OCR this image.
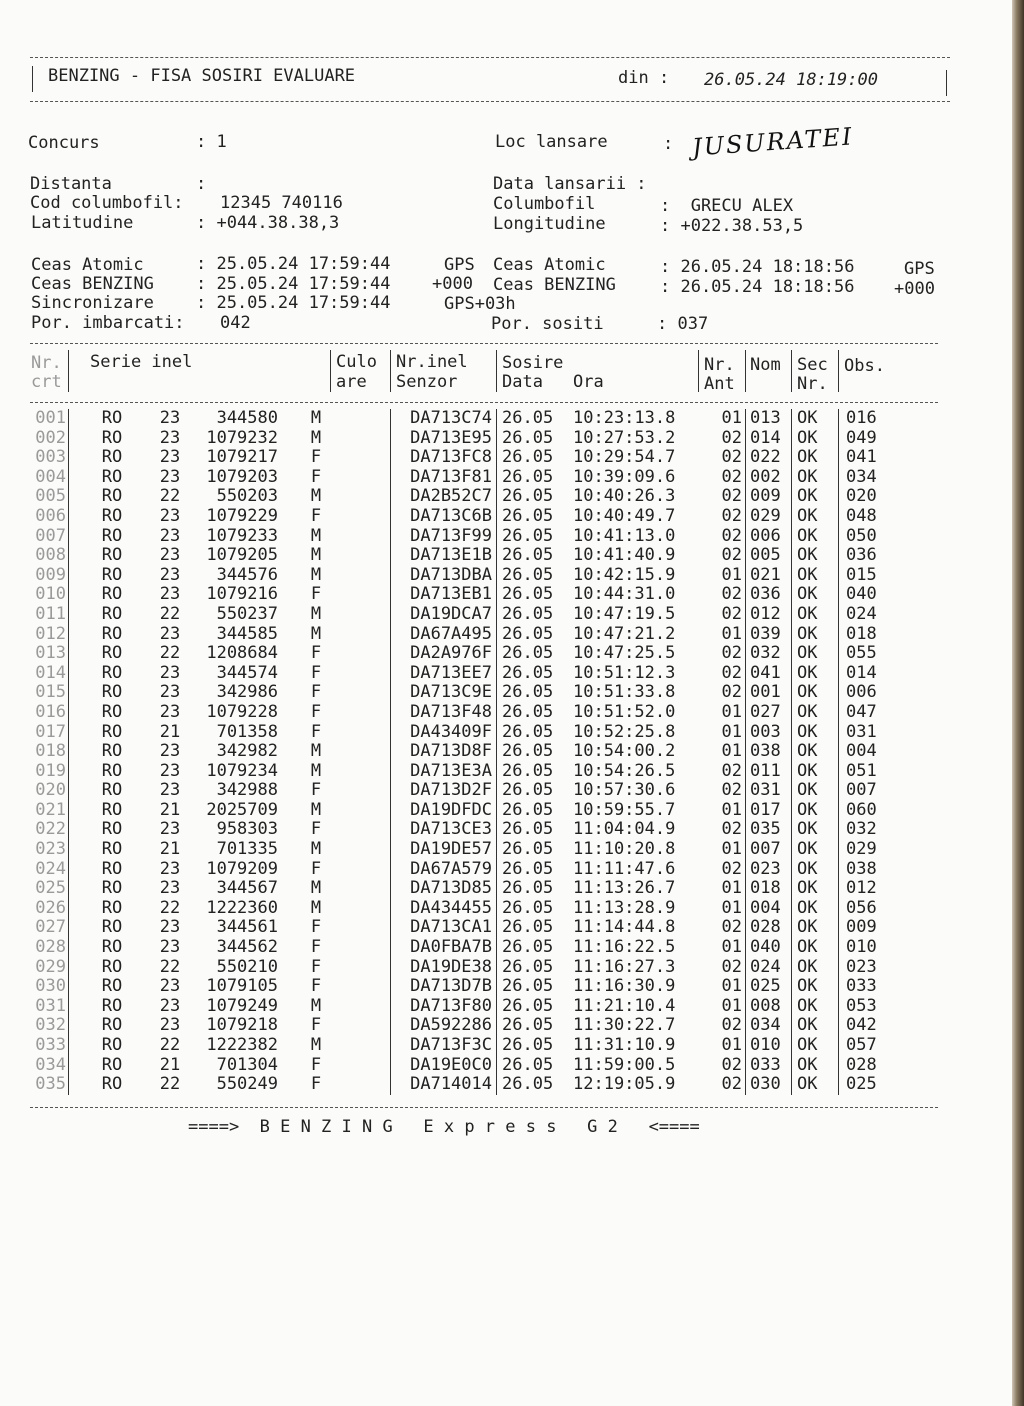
BENZING - FISA SOSIRI EVALUARE	din : 26.05.24 18:19:00
Concurs	: 1	Loc lansare	: JUSURATEI
Distanta	:	Data lansarii :
Cod columbofil: 12345 740116	Columbofil	:  GRECU ALEX
Latitudine	: +044.38.38,3	Longitudine	: +022.38.53,5
Ceas Atomic	: 25.05.24 17:59:44	GPS
Ceas BENZING : 25.05.24 17:59:44 +000
Sincronizare : 25.05.24 17:59:44	GPS+03h
Por. imbarcati: 042
Ceas Atomic	: 26.05.24 18:18:56	GPS
Ceas BENZING	: 26.05.24 18:18:56 +000
Por. sositi	: 037
Nr.
crt
Serie inel	Culo
are
Nr.inel
Senzor
Sosire
Data Ora
Nr.
Ant
Nom Sec
Nr.
Obs.
001	RO	23	344580 M	DA713C74 26.05	10:23:13.8	01 013 OK	016
002	RO	23	1079232 M	DA713E95 26.05	10:27:53.2	02 014 OK	049
003	RO	23	1079217 F	DA713FC8 26.05	10:29:54.7	02 022 OK	041
004	RO	23	1079203 F	DA713F81 26.05	10:39:09.6	02 002 OK	034
005	RO	22	550203 M	DA2B52C7 26.05	10:40:26.3	02 009 OK	020
006	RO	23	1079229 F	DA713C6B 26.05	10:40:49.7	02 029 OK	048
007	RO	23	1079233 M	DA713F99 26.05	10:41:13.0	02 006 OK	050
008	RO	23	1079205 M	DA713E1B 26.05	10:41:40.9	02 005 OK	036
009	RO	23	344576 M	DA713DBA 26.05	10:42:15.9	01 021 OK	015
010	RO	23	1079216 F	DA713EB1 26.05	10:44:31.0	02 036 OK	040
011	RO	22	550237 M	DA19DCA7 26.05	10:47:19.5	02 012 OK	024
012	RO	23	344585 M	DA67A495 26.05	10:47:21.2	01 039 OK	018
013	RO	22	1208684 F	DA2A976F 26.05	10:47:25.5	02 032 OK	055
014	RO	23	344574 F	DA713EE7 26.05	10:51:12.3	02 041 OK	014
015	RO	23	342986 F	DA713C9E 26.05	10:51:33.8	02 001 OK	006
016	RO	23	1079228 F	DA713F48 26.05	10:51:52.0	01 027 OK	047
017	RO	21	701358 F	DA43409F 26.05	10:52:25.8	01 003 OK	031
018	RO	23	342982 M	DA713D8F 26.05	10:54:00.2	01 038 OK	004
019	RO	23	1079234 M	DA713E3A 26.05	10:54:26.5	02 011 OK	051
020	RO	23	342988 F	DA713D2F 26.05	10:57:30.6	02 031 OK	007
021	RO	21	2025709 M	DA19DFDC 26.05	10:59:55.7	01 017 OK	060
022	RO	23	958303 F	DA713CE3 26.05	11:04:04.9	02 035 OK	032
023	RO	21	701335 M	DA19DE57 26.05	11:10:20.8	01 007 OK	029
024	RO	23	1079209 F	DA67A579 26.05	11:11:47.6	02 023 OK	038
025	RO	23	344567 M	DA713D85 26.05	11:13:26.7	01 018 OK	012
026	RO	22	1222360 M	DA434455 26.05	11:13:28.9	01 004 OK	056
027	RO	23	344561 F	DA713CA1 26.05	11:14:44.8	02 028 OK	009
028	RO	23	344562 F	DA0FBA7B 26.05	11:16:22.5	01 040 OK	010
029	RO	22	550210 F	DA19DE38 26.05	11:16:27.3	02 024 OK	023
030	RO	23	1079105 F	DA713D7B 26.05	11:16:30.9	01 025 OK	033
031	RO	23	1079249 M	DA713F80 26.05	11:21:10.4	01 008 OK	053
032	RO	23	1079218 F	DA592286 26.05	11:30:22.7	02 034 OK	042
033	RO	22	1222382 M	DA713F3C 26.05	11:31:10.9	01 010 OK	057
034	RO	21	701304 F	DA19E0C0 26.05	11:59:00.5	02 033 OK	028
035	RO	22	550249 F	DA714014 26.05	12:19:05.9	02 030 OK	025
====>  B E N Z I N G   E x p r e s s   G 2   <====
